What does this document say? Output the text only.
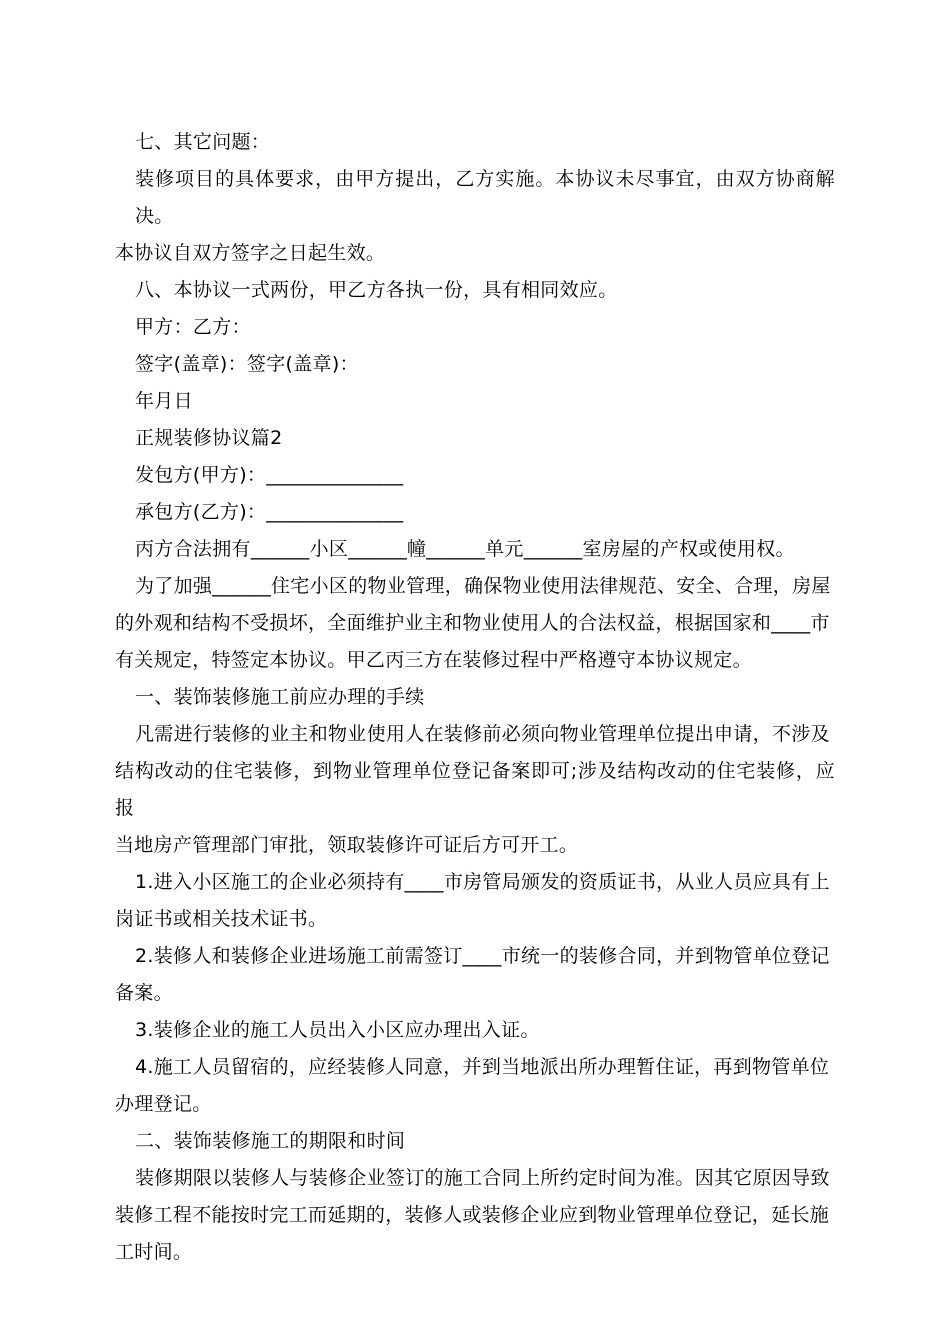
七、其它问题：

装修项目的具体要求，由甲方提出，乙方实施。本协议未尽事宜，由双方协商解决。

本协议自双方签字之日起生效。

八、本协议一式两份，甲乙方各执一份，具有相同效应。

甲方：乙方：

签字(盖章)：签字(盖章)：

年月日

正规装修协议篇2

发包方(甲方)：______________

承包方(乙方)：______________

丙方合法拥有______小区______幢______单元______室房屋的产权或使用权。

为了加强______住宅小区的物业管理，确保物业使用法律规范、安全、合理，房屋

的外观和结构不受损坏，全面维护业主和物业使用人的合法权益，根据国家和____市

有关规定，特签定本协议。甲乙丙三方在装修过程中严格遵守本协议规定。

一、装饰装修施工前应办理的手续

凡需进行装修的业主和物业使用人在装修前必须向物业管理单位提出申请，不涉及

结构改动的住宅装修，到物业管理单位登记备案即可;涉及结构改动的住宅装修，应报

当地房产管理部门审批，领取装修许可证后方可开工。

1.进入小区施工的企业必须持有____市房管局颁发的资质证书，从业人员应具有上

岗证书或相关技术证书。

2.装修人和装修企业进场施工前需签订____市统一的装修合同，并到物管单位登记

备案。

3.装修企业的施工人员出入小区应办理出入证。

4.施工人员留宿的，应经装修人同意，并到当地派出所办理暂住证，再到物管单位

办理登记。

二、装饰装修施工的期限和时间

装修期限以装修人与装修企业签订的施工合同上所约定时间为准。因其它原因导致

装修工程不能按时完工而延期的，装修人或装修企业应到物业管理单位登记，延长施

工时间。
